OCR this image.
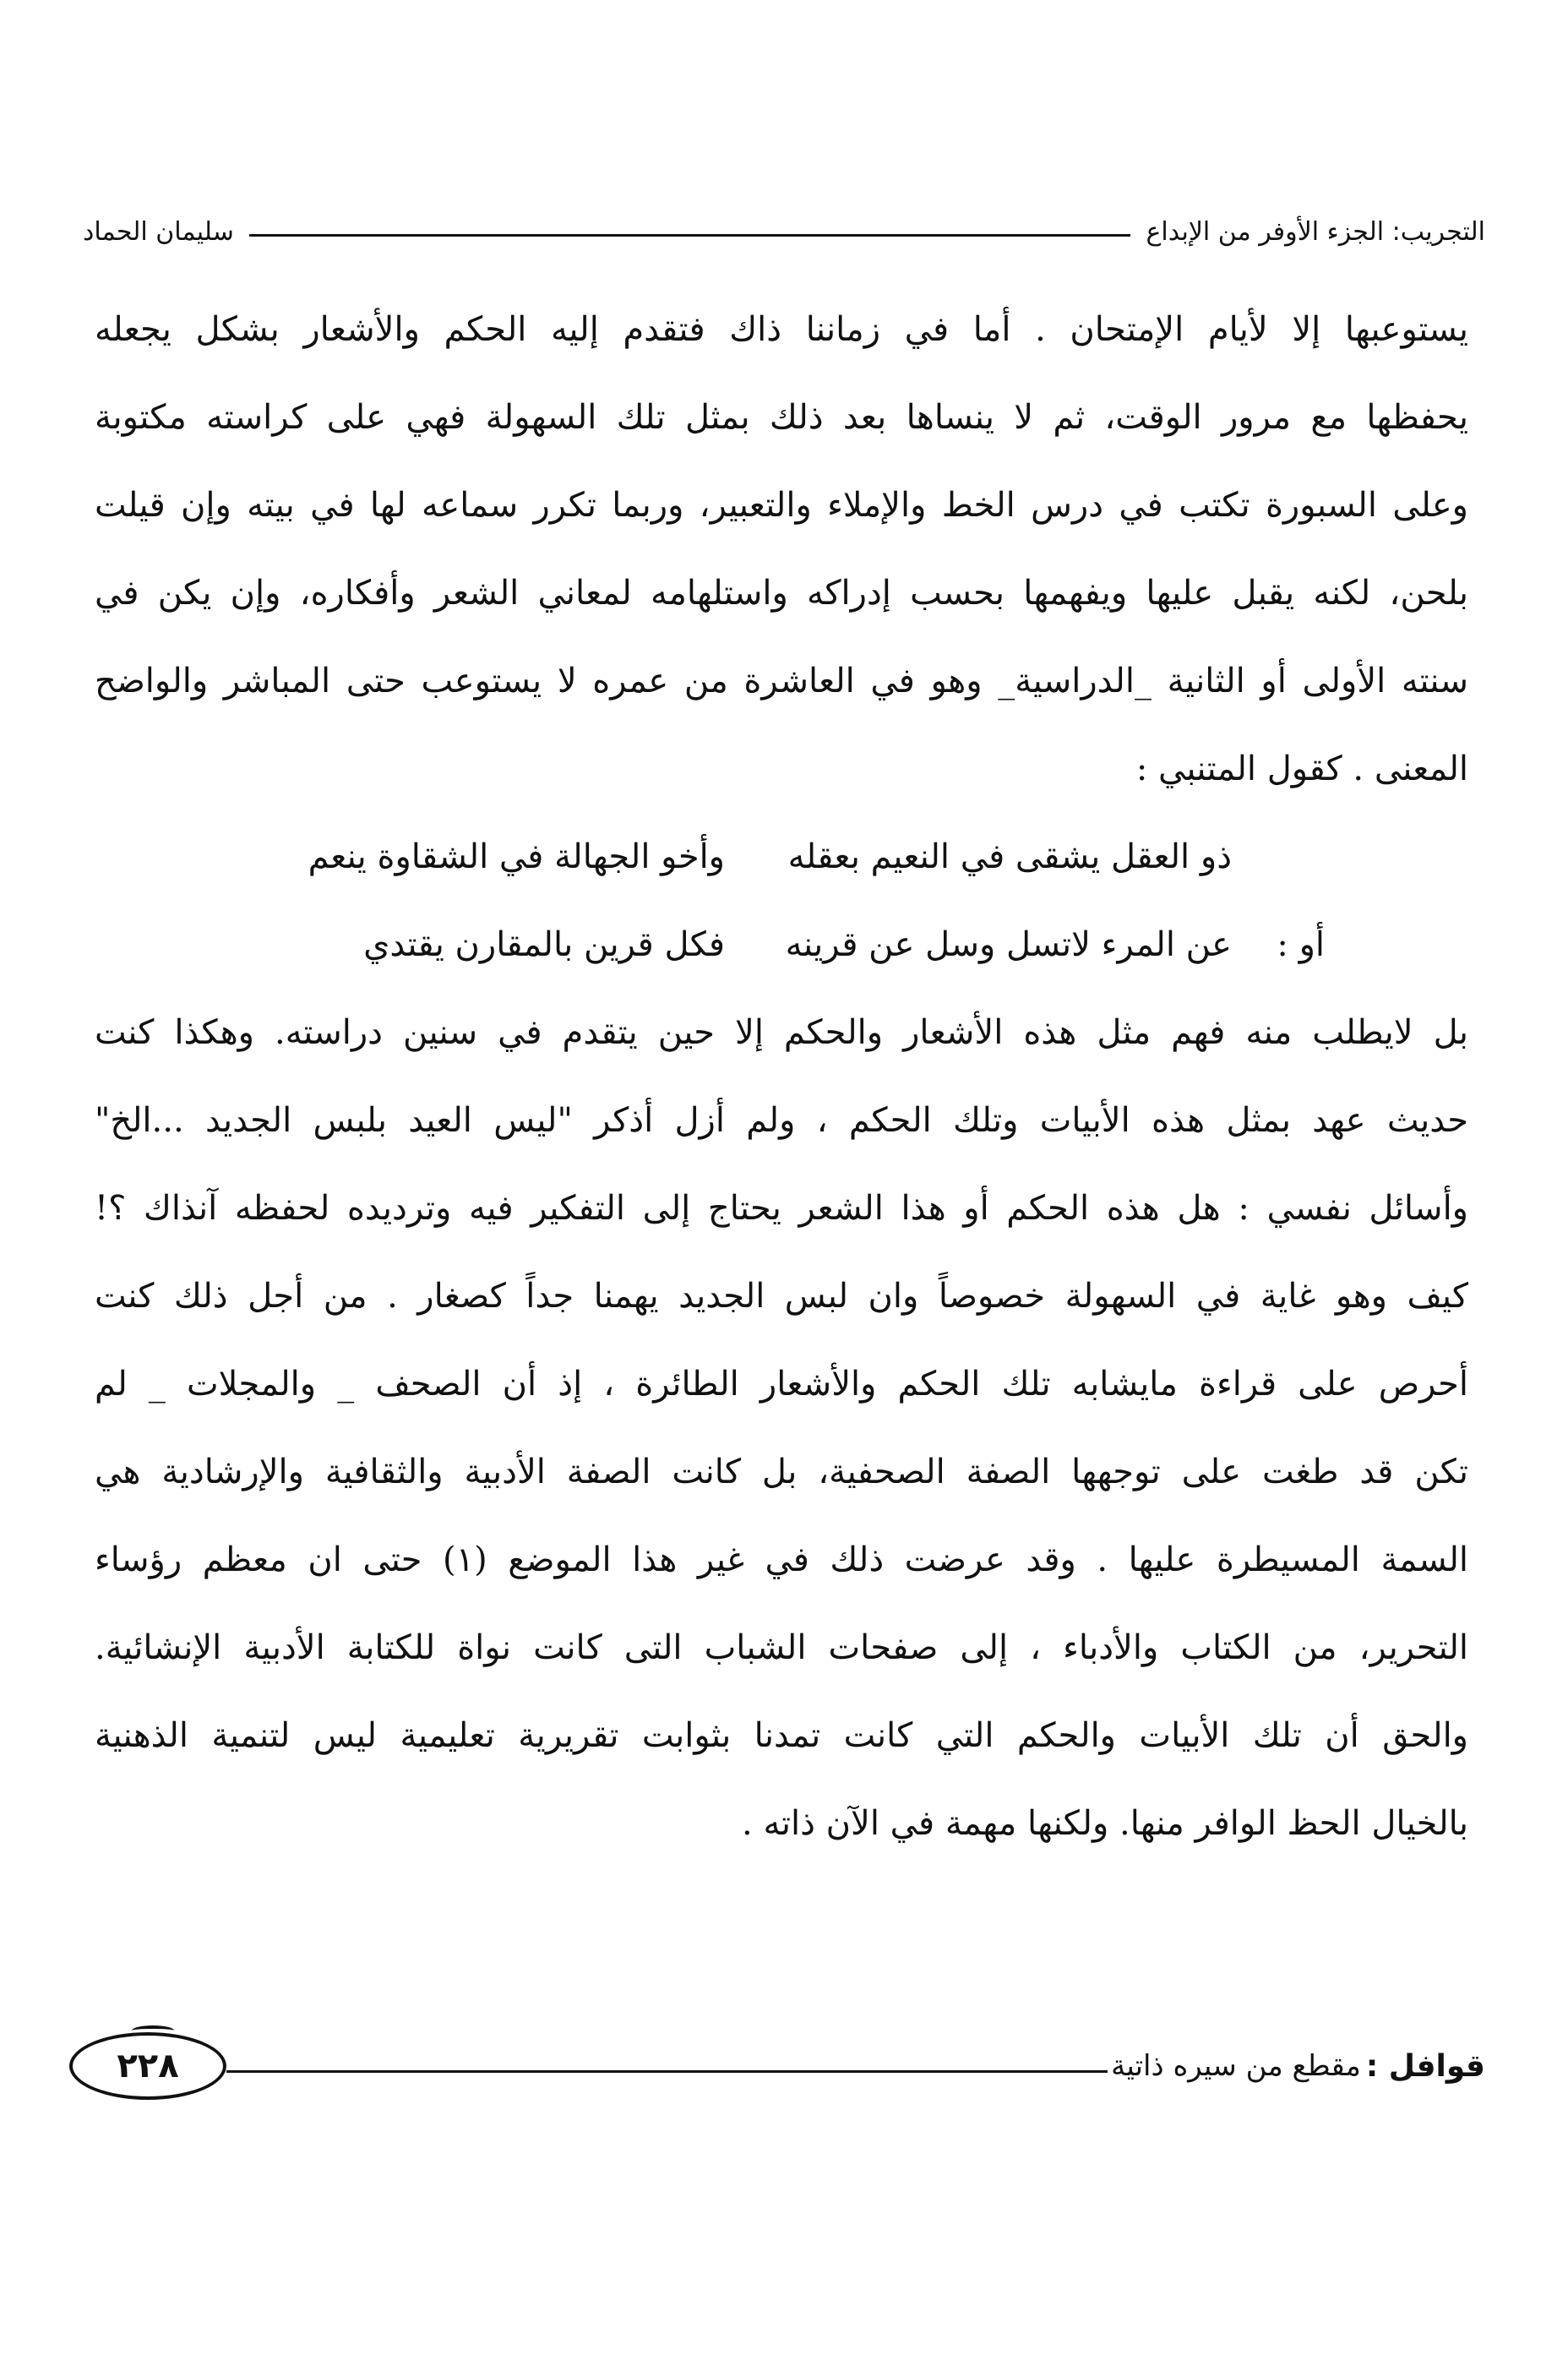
التجريب: الجزء الأوفر من الإبداع
سليمان الحماد
يستوعبها إلا لأيام الإمتحان . أما في زماننا ذاك فتقدم إليه الحكم والأشعار بشكل يجعله
يحفظها مع مرور الوقت، ثم لا ينساها بعد ذلك بمثل تلك السهولة فهي على كراسته مكتوبة
وعلى السبورة تكتب في درس الخط والإملاء والتعبير، وربما تكرر سماعه لها في بيته وإن قيلت
بلحن، لكنه يقبل عليها ويفهمها بحسب إدراكه واستلهامه لمعاني الشعر وأفكاره، وإن يكن في
سنته الأولى أو الثانية _الدراسية_ وهو في العاشرة من عمره لا يستوعب حتى المباشر والواضح
المعنى . كقول المتنبي :
ذو العقل يشقى في النعيم بعقله
وأخو الجهالة في الشقاوة ينعم
أو :
عن المرء لاتسل وسل عن قرينه
فكل قرين بالمقارن يقتدي
بل لايطلب منه فهم مثل هذه الأشعار والحكم إلا حين يتقدم في سنين دراسته. وهكذا كنت
حديث عهد بمثل هذه الأبيات وتلك الحكم ، ولم أزل أذكر "ليس العيد بلبس الجديد ...الخ"
وأسائل نفسي : هل هذه الحكم أو هذا الشعر يحتاج إلى التفكير فيه وترديده لحفظه آنذاك ؟!
كيف وهو غاية في السهولة خصوصاً وان لبس الجديد يهمنا جداً كصغار . من أجل ذلك كنت
أحرص على قراءة مايشابه تلك الحكم والأشعار الطائرة ، إذ أن الصحف _ والمجلات _ لم
تكن قد طغت على توجهها الصفة الصحفية، بل كانت الصفة الأدبية والثقافية والإرشادية هي
السمة المسيطرة عليها . وقد عرضت ذلك في غير هذا الموضع (١) حتى ان معظم رؤساء
التحرير، من الكتاب والأدباء ، إلى صفحات الشباب التى كانت نواة للكتابة الأدبية الإنشائية.
والحق أن تلك الأبيات والحكم التي كانت تمدنا بثوابت تقريرية تعليمية ليس لتنمية الذهنية
بالخيال الحظ الوافر منها. ولكنها مهمة في الآن ذاته .
قوافل :
مقطع من سيره ذاتية
٢٢٨
